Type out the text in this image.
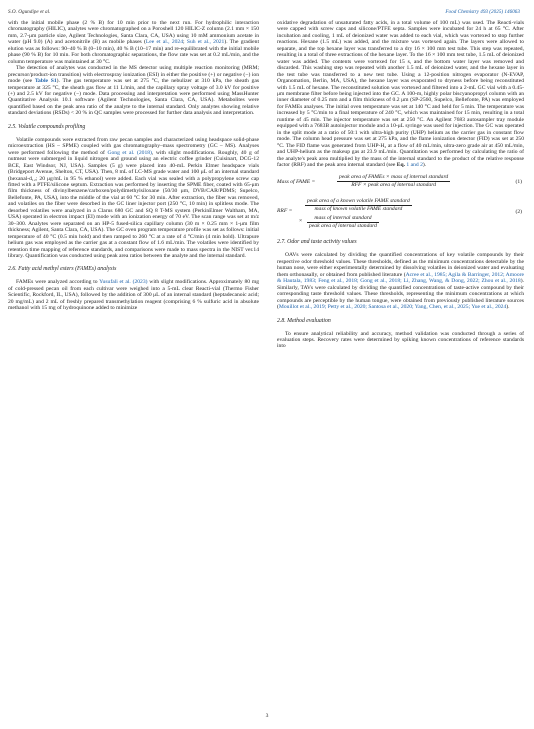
S.O. Ogundipe et al.	Food Chemistry 493 (2025) 146063

with the initial mobile phase (2 % B) for 10 min prior to the next run. For hydrophilic interaction chromatography (HILIC), analytes were chromatographed on a Poroshell 120 HILIC-Z column (2.1 mm × 150 mm, 2.7-μm particle size, Agilent Technologies, Santa Clara, CA, USA) using 10 mM ammonium acetate in water (pH 9.0) (A) and acetonitrile (B) as mobile phases (Lee et al., 2024; Suh et al., 2021). The gradient elution was as follows: 90–40 % B (0–10 min), 40 % B (10–17 min) and re-equilibrated with the initial mobile phase (90 % B) for 10 min. For both chromatographic separations, the flow rate was set at 0.2 mL/min, and the column temperature was maintained at 30 °C.

The detection of analytes was conducted in the MS detector using multiple reaction monitoring (MRM; precursor/product-ion transition) with electrospray ionization (ESI) in either the positive (+) or negative (−) ion mode (see Table S1). The gas temperature was set at 275 °C, the nebulizer at 310 kPa, the sheath gas temperature at 325 °C, the sheath gas flow at 11 L/min, and the capillary spray voltage of 3.0 kV for positive (+) and 2.5 kV for negative (−) mode. Data processing and interpretation were performed using MassHunter Quantitative Analysis 10.1 software (Agilent Technologies, Santa Clara, CA, USA). Metabolites were quantified based on the peak area ratio of the analyte to the internal standard. Only analytes showing relative standard deviations (RSDs) < 20 % in QC samples were processed for further data analysis and interpretation.

2.5. Volatile compounds profiling

Volatile compounds were extracted from raw pecan samples and characterized using headspace solid-phase microextraction (HS – SPME) coupled with gas chromatography–mass spectrometry (GC – MS). Analyses were performed following the method of Gong et al. (2018), with slight modifications. Roughly, 40 g of nutmeat were submerged in liquid nitrogen and ground using an electric coffee grinder (Cuisinart, DCG-12 BCE, East Windsor, NJ, USA). Samples (5 g) were placed into 40-mL Perkin Elmer headspace vials (Bridgeport Avenue, Shelton, CT, USA). Then, 8 mL of LC-MS grade water and 100 μL of an internal standard (hexanal-d₁₂; 20 μg/mL in 95 % ethanol) were added. Each vial was sealed with a polypropylene screw cap fitted with a PTFE/silicone septum. Extraction was performed by inserting the SPME fiber, coated with 65-μm film thickness of divinylbenzene/carboxen/polydimethylsiloxane (50/30 μm, DVB/CAR/PDMS; Supelco, Bellefonte, PA, USA), into the middle of the vial at 60 °C for 30 min. After extraction, the fiber was removed, and volatiles on the fiber were desorbed in the GC liner injector port (250 °C, 10 min) in splitless mode. The desorbed volatiles were analyzed in a Clarus 680 GC and SQ 8 T-MS system (PerkinElmer Waltham, MA, USA) operated in electron impact (EI) mode with an ionization energy of 70 eV. The scan range was set at m/z 30–300. Analytes were separated on an HP-5 fused-silica capillary column (30 m × 0.25 mm × 1-μm film thickness; Agilent, Santa Clara, CA, USA). The GC oven program temperature profile was set as follows: initial temperature of 40 °C (0.5 min hold) and then ramped to 260 °C at a rate of 4 °C/min (4 min hold). Ultrapure helium gas was employed as the carrier gas at a constant flow of 1.6 mL/min. The volatiles were identified by retention time mapping of reference standards, and comparisons were made to mass spectra in the NIST ver.14 library. Quantification was conducted using peak area ratios between the analyte and the internal standard.

2.6. Fatty acid methyl esters (FAMEs) analysis

FAMEs were analyzed according to Yusufali et al. (2023) with slight modifications. Approximately 80 mg of cold-pressed pecan oil from each cultivar were weighed into a 5-mL clear Reacti-vial (Thermo Fisher Scientific, Rockford, IL, USA), followed by the addition of 300 μL of an internal standard (heptadecanoic acid; 20 mg/mL) and 2 mL of freshly prepared transmethylation reagent (comprising 6 % sulfuric acid in absolute methanol with 15 mg of hydroquinone added to minimize

oxidative degradation of unsaturated fatty acids, in a total volume of 100 mL) was used. The Reacti-vials were capped with screw caps and silicone/PTFE septa. Samples were incubated for 24 h at 65 °C. After incubation and cooling, 1 mL of deionized water was added to each vial, which was vortexed to stop further reactions. Hexane (1.5 mL) was added, and the mixture was vortexed again. The layers were allowed to separate, and the top hexane layer was transferred to a dry 16 × 100 mm test tube. This step was repeated, resulting in a total of three extractions of the hexane layer. To the 16 × 100 mm test tube, 1.5 mL of deionized water was added. The contents were vortexed for 15 s, and the bottom water layer was removed and discarded. This washing step was repeated with another 1.5 mL of deionized water, and the hexane layer in the test tube was transferred to a new test tube. Using a 12-position nitrogen evaporator (N-EVAP, Organomation, Berlin, MA, USA), the hexane layer was evaporated to dryness before being reconstituted with 1.5 mL of hexane. The reconstituted solution was vortexed and filtered into a 2-mL GC vial with a 0.45-μm membrane filter before being injected into the GC. A 100-m, highly polar biscyanopropyl column with an inner diameter of 0.25 mm and a film thickness of 0.2 μm (SP-2560, Supelco, Bellefonte, PA) was employed for FAMEs analyses. The initial oven temperature was set at 140 °C and held for 5 min. The temperature was increased by 5 °C/min to a final temperature of 240 °C, which was maintained for 15 min, resulting in a total runtime of 45 min. The injector temperature was set at 250 °C. An Agilent 7683 autosampler tray module equipped with a 7683B autoinjector module and a 10-μL syringe was used for injection. The GC was operated in the split mode at a ratio of 50:1 with ultra-high purity (UHP) helium as the carrier gas in constant flow mode. The column head pressure was set at 275 kPa, and the flame ionization detector (FID) was set at 250 °C. The FID flame was generated from UHP-H₂ at a flow of 40 mL/min, ultra-zero grade air at 450 mL/min, and UHP-helium as the makeup gas at 23.9 mL/min. Quantitation was performed by calculating the ratio of the analyte's peak area multiplied by the mass of the internal standard to the product of the relative response factor (RRF) and the peak area internal standard (see Eq. 1 and 2).

Mass of FAME =
peak area of FAMEs × mass of internal standard
RFF × peak area of internal standard	(1)
RRF =
peak area of a known volatile FAME standard
mass of known volatile FAME standard
×	mass of internal standard
peak area of internal standard
(2)
2.7. Odor and taste activity values

OAVs were calculated by dividing the quantified concentrations of key volatile compounds by their respective odor threshold values. These thresholds, defined as the minimum concentrations detectable by the human nose, were either experimentally determined by dissolving volatiles in deionized water and evaluating them orthonasally, or obtained from published literature (Acree et al., 1985; Agila & Barringer, 2012; Amoore & Hautala, 1983; Feng et al., 2018; Gong et al., 2018; Li, Zhang, Wang, & Dong, 2022; Zhou et al., 2018). Similarly, TAVs were calculated by dividing the quantified concentrations of taste-active compound by their corresponding taste threshold values. These thresholds, representing the minimum concentrations at which compounds are perceptible by the human tongue, were obtained from previously published literature sources (Mouillot et al., 2019; Petty et al., 2020; Santosa et al., 2020; Yang, Chen, et al., 2025; Yue et al., 2024).

2.8. Method evaluation

To ensure analytical reliability and accuracy, method validation was conducted through a series of evaluation steps. Recovery rates were determined by spiking known concentrations of reference standards into

3
